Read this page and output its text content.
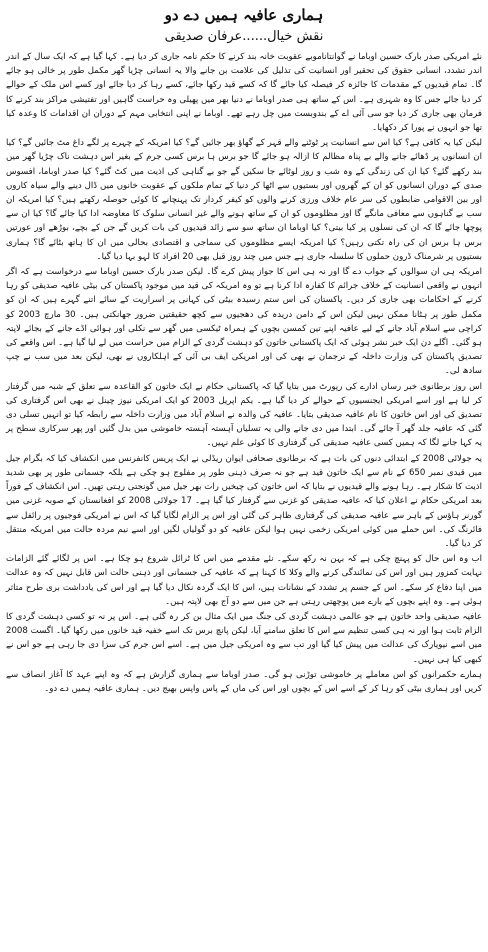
ہماری عافیہ ہمیں دے دو
نقش خیال......عرفان صدیقی

نئے امریکی صدر بارک حسین اوباما نے گوانتاناموبے عقوبت خانہ بند کرنے کا حکم نامہ جاری کر دیا ہے۔ کہا گیا ہے کہ ایک سال کے اندر اندر تشدد، انسانی حقوق کی تحقیر اور انسانیت کی تذلیل کی علامت بن جانے والا یہ انسانی چڑیا گھر مکمل طور پر خالی ہو جائے گا۔ تمام قیدیوں کے مقدمات کا جائزہ کر فیصلہ کیا جائے گا کہ کسے قید رکھا جائے، کسے رہا کر دیا جائے اور کسے اس ملک کے حوالے کر دیا جائے جس کا وہ شہری ہے۔ اس کے ساتھ ہی صدر اوباما نے دنیا بھر میں پھیلی وہ حراست گاہیں اور تفتیشی مراکز بند کرنے کا فرمان بھی جاری کر دیا جو سی آئی اے کے بندوبست میں چل رہے تھے۔ اوباما نے اپنی انتخابی مہم کے دوران ان اقدامات کا وعدہ کیا تھا جو انہوں نے پورا کر دکھایا۔

لیکن کیا یہ کافی ہے؟ کیا اس سے انسانیت پر ٹوٹنے والے قہر کے گھاؤ بھر جائیں گے؟ کیا امریکہ کے چہرے پر لگے داغ مٹ جائیں گے؟ کیا ان انسانوں پر ڈھائے جانے والے بے پناہ مظالم کا ازالہ ہو جائے گا جو برس ہا برس کسی جرم کے بغیر اس دہشت ناک چڑیا گھر میں بند رکھے گئے؟ کیا ان کی زندگی کے وہ شب و روز لوٹائے جا سکیں گے جو بے گناہی کی اذیت میں کٹ گئے؟ کیا صدر اوباما، افسوس صدی کے دوران انسانوں کو ان کے گھروں اور بستیوں سے اٹھا کر دنیا کے تمام ملکوں کے عقوبت خانوں میں ڈال دینے والے سیاہ کاروں اور بین الاقوامی ضابطوں کی سر عام خلاف ورزی کرنے والوں کو کیفر کردار تک پہنچانے کا کوئی حوصلہ رکھتے ہیں؟ کیا امریکہ ان سب بے گناہوں سے معافی مانگے گا اور مظلوموں کو ان کے ساتھ ہونے والے غیر انسانی سلوک کا معاوضہ ادا کیا جائے گا؟ کیا ان سے پوچھا جائے گا کہ ان کی نسلوں پر کیا بیتی؟ کیا اوباما ان ساتھ سو سے زائد قیدیوں کی بات کریں گے جن کے بچے، بوڑھے اور عورتیں برس ہا برس ان کی راہ تکتی رہیں؟ کیا امریکہ ایسے مظلوموں کی سماجی و اقتصادی بحالی میں ان کا ہاتھ بٹائے گا؟ ہماری بستیوں پر شرمناک ڈرون حملوں کا سلسلہ جاری ہے جس میں چند روز قبل بھی 20 افراد کا لہو بہا دیا گیا۔

امریکہ ہی ان سوالوں کے جواب دے گا اور نہ ہی اس کا جواز پیش کرے گا۔ لیکن صدر بارک حسین اوباما سے درخواست ہے کہ اگر انہوں نے واقعی انسانیت کے خلاف جرائم کا کفارہ ادا کرنا ہے تو وہ امریکہ کی قید میں موجود پاکستان کی بیٹی عافیہ صدیقی کو رہا کرنے کے احکامات بھی جاری کر دیں۔ پاکستان کی اس ستم رسیدہ بیٹی کی کہانی پر اسراریت کے سائے اتنے گہرے ہیں کہ ان کو مکمل طور پر ہٹانا ممکن نہیں لیکن اس کے دامن دریدہ کی دھجیوں سے کچھ حقیقتیں ضرور جھانکتی ہیں۔ 30 مارچ 2003 کو کراچی سے اسلام آباد جانے کے لیے عافیہ اپنے تین کمسن بچوں کے ہمراہ ٹیکسی میں گھر سے نکلی اور ہوائی اڈے جانے کے بجائے لاپتہ ہو گئی۔ اگلے دن ایک خبر نشر ہوئی کہ ایک پاکستانی خاتون کو دہشت گردی کے الزام میں حراست میں لے لیا گیا ہے۔ اس واقعے کی تصدیق پاکستان کی وزارت داخلہ کے ترجمان نے بھی کی اور امریکی ایف بی آئی کے اہلکاروں نے بھی، لیکن بعد میں سب نے چپ سادھ لی۔

اس روز برطانوی خبر رساں ادارے کی رپورٹ میں بتایا گیا کہ پاکستانی حکام نے ایک خاتون کو القاعدہ سے تعلق کے شبہ میں گرفتار کر لیا ہے اور اسے امریکی ایجنسیوں کے حوالے کر دیا گیا ہے۔ یکم اپریل 2003 کو ایک امریکی نیوز چینل نے بھی اس گرفتاری کی تصدیق کی اور اس خاتون کا نام عافیہ صدیقی بتایا۔ عافیہ کی والدہ نے اسلام آباد میں وزارت داخلہ سے رابطہ کیا تو انہیں تسلی دی گئی کہ عافیہ جلد گھر آ جائے گی۔ ابتدا میں دی جانے والی یہ تسلیاں آہستہ آہستہ خاموشی میں بدل گئیں اور پھر سرکاری سطح پر یہ کہا جانے لگا کہ ہمیں کسی عافیہ صدیقی کی گرفتاری کا کوئی علم نہیں۔

یہ جولائی 2008 کے ابتدائی دنوں کی بات ہے کہ برطانوی صحافی ایوان ریڈلی نے ایک پریس کانفرنس میں انکشاف کیا کہ بگرام جیل میں قیدی نمبر 650 کے نام سے ایک خاتون قید ہے جو نہ صرف ذہنی طور پر مفلوج ہو چکی ہے بلکہ جسمانی طور پر بھی شدید اذیت کا شکار ہے۔ رہا ہونے والے قیدیوں نے بتایا کہ اس خاتون کی چیخیں رات بھر جیل میں گونجتی رہتی تھیں۔ اس انکشاف کے فوراً بعد امریکی حکام نے اعلان کیا کہ عافیہ صدیقی کو غزنی سے گرفتار کیا گیا ہے۔ 17 جولائی 2008 کو افغانستان کے صوبہ غزنی میں گورنر ہاؤس کے باہر سے عافیہ صدیقی کی گرفتاری ظاہر کی گئی اور اس پر الزام لگایا گیا کہ اس نے امریکی فوجیوں پر رائفل سے فائرنگ کی۔ اس حملے میں کوئی امریکی زخمی نہیں ہوا لیکن عافیہ کو دو گولیاں لگیں اور اسے نیم مردہ حالت میں امریکہ منتقل کر دیا گیا۔

اب وہ اس حال کو پہنچ چکی ہے کہ بہن نہ رکھ سکے۔ نئے مقدمے میں اس کا ٹرائل شروع ہو چکا ہے۔ اس پر لگائے گئے الزامات نہایت کمزور ہیں اور اس کی نمائندگی کرنے والے وکلا کا کہنا ہے کہ عافیہ کی جسمانی اور ذہنی حالت اس قابل نہیں کہ وہ عدالت میں اپنا دفاع کر سکے۔ اس کے جسم پر تشدد کے نشانات ہیں، اس کا ایک گردہ نکال دیا گیا ہے اور اس کی یادداشت بری طرح متاثر ہوئی ہے۔ وہ اپنے بچوں کے بارے میں پوچھتی رہتی ہے جن میں سے دو آج بھی لاپتہ ہیں۔

عافیہ صدیقی واحد خاتون ہے جو عالمی دہشت گردی کی جنگ میں ایک مثال بن کر رہ گئی ہے۔ اس پر نہ تو کسی دہشت گردی کا الزام ثابت ہوا اور نہ ہی کسی تنظیم سے اس کا تعلق سامنے آیا، لیکن پانچ برس تک اسے خفیہ قید خانوں میں رکھا گیا۔ اگست 2008 میں اسے نیویارک کی عدالت میں پیش کیا گیا اور تب سے وہ امریکی جیل میں ہے۔ اسے اس جرم کی سزا دی جا رہی ہے جو اس نے کبھی کیا ہی نہیں۔

ہمارے حکمرانوں کو اس معاملے پر خاموشی توڑنی ہو گی۔ صدر اوباما سے ہماری گزارش ہے کہ وہ اپنے عہد کا آغاز انصاف سے کریں اور ہماری بیٹی کو رہا کر کے اسے اس کے بچوں اور اس کی ماں کے پاس واپس بھیج دیں۔ ہماری عافیہ ہمیں دے دو۔
